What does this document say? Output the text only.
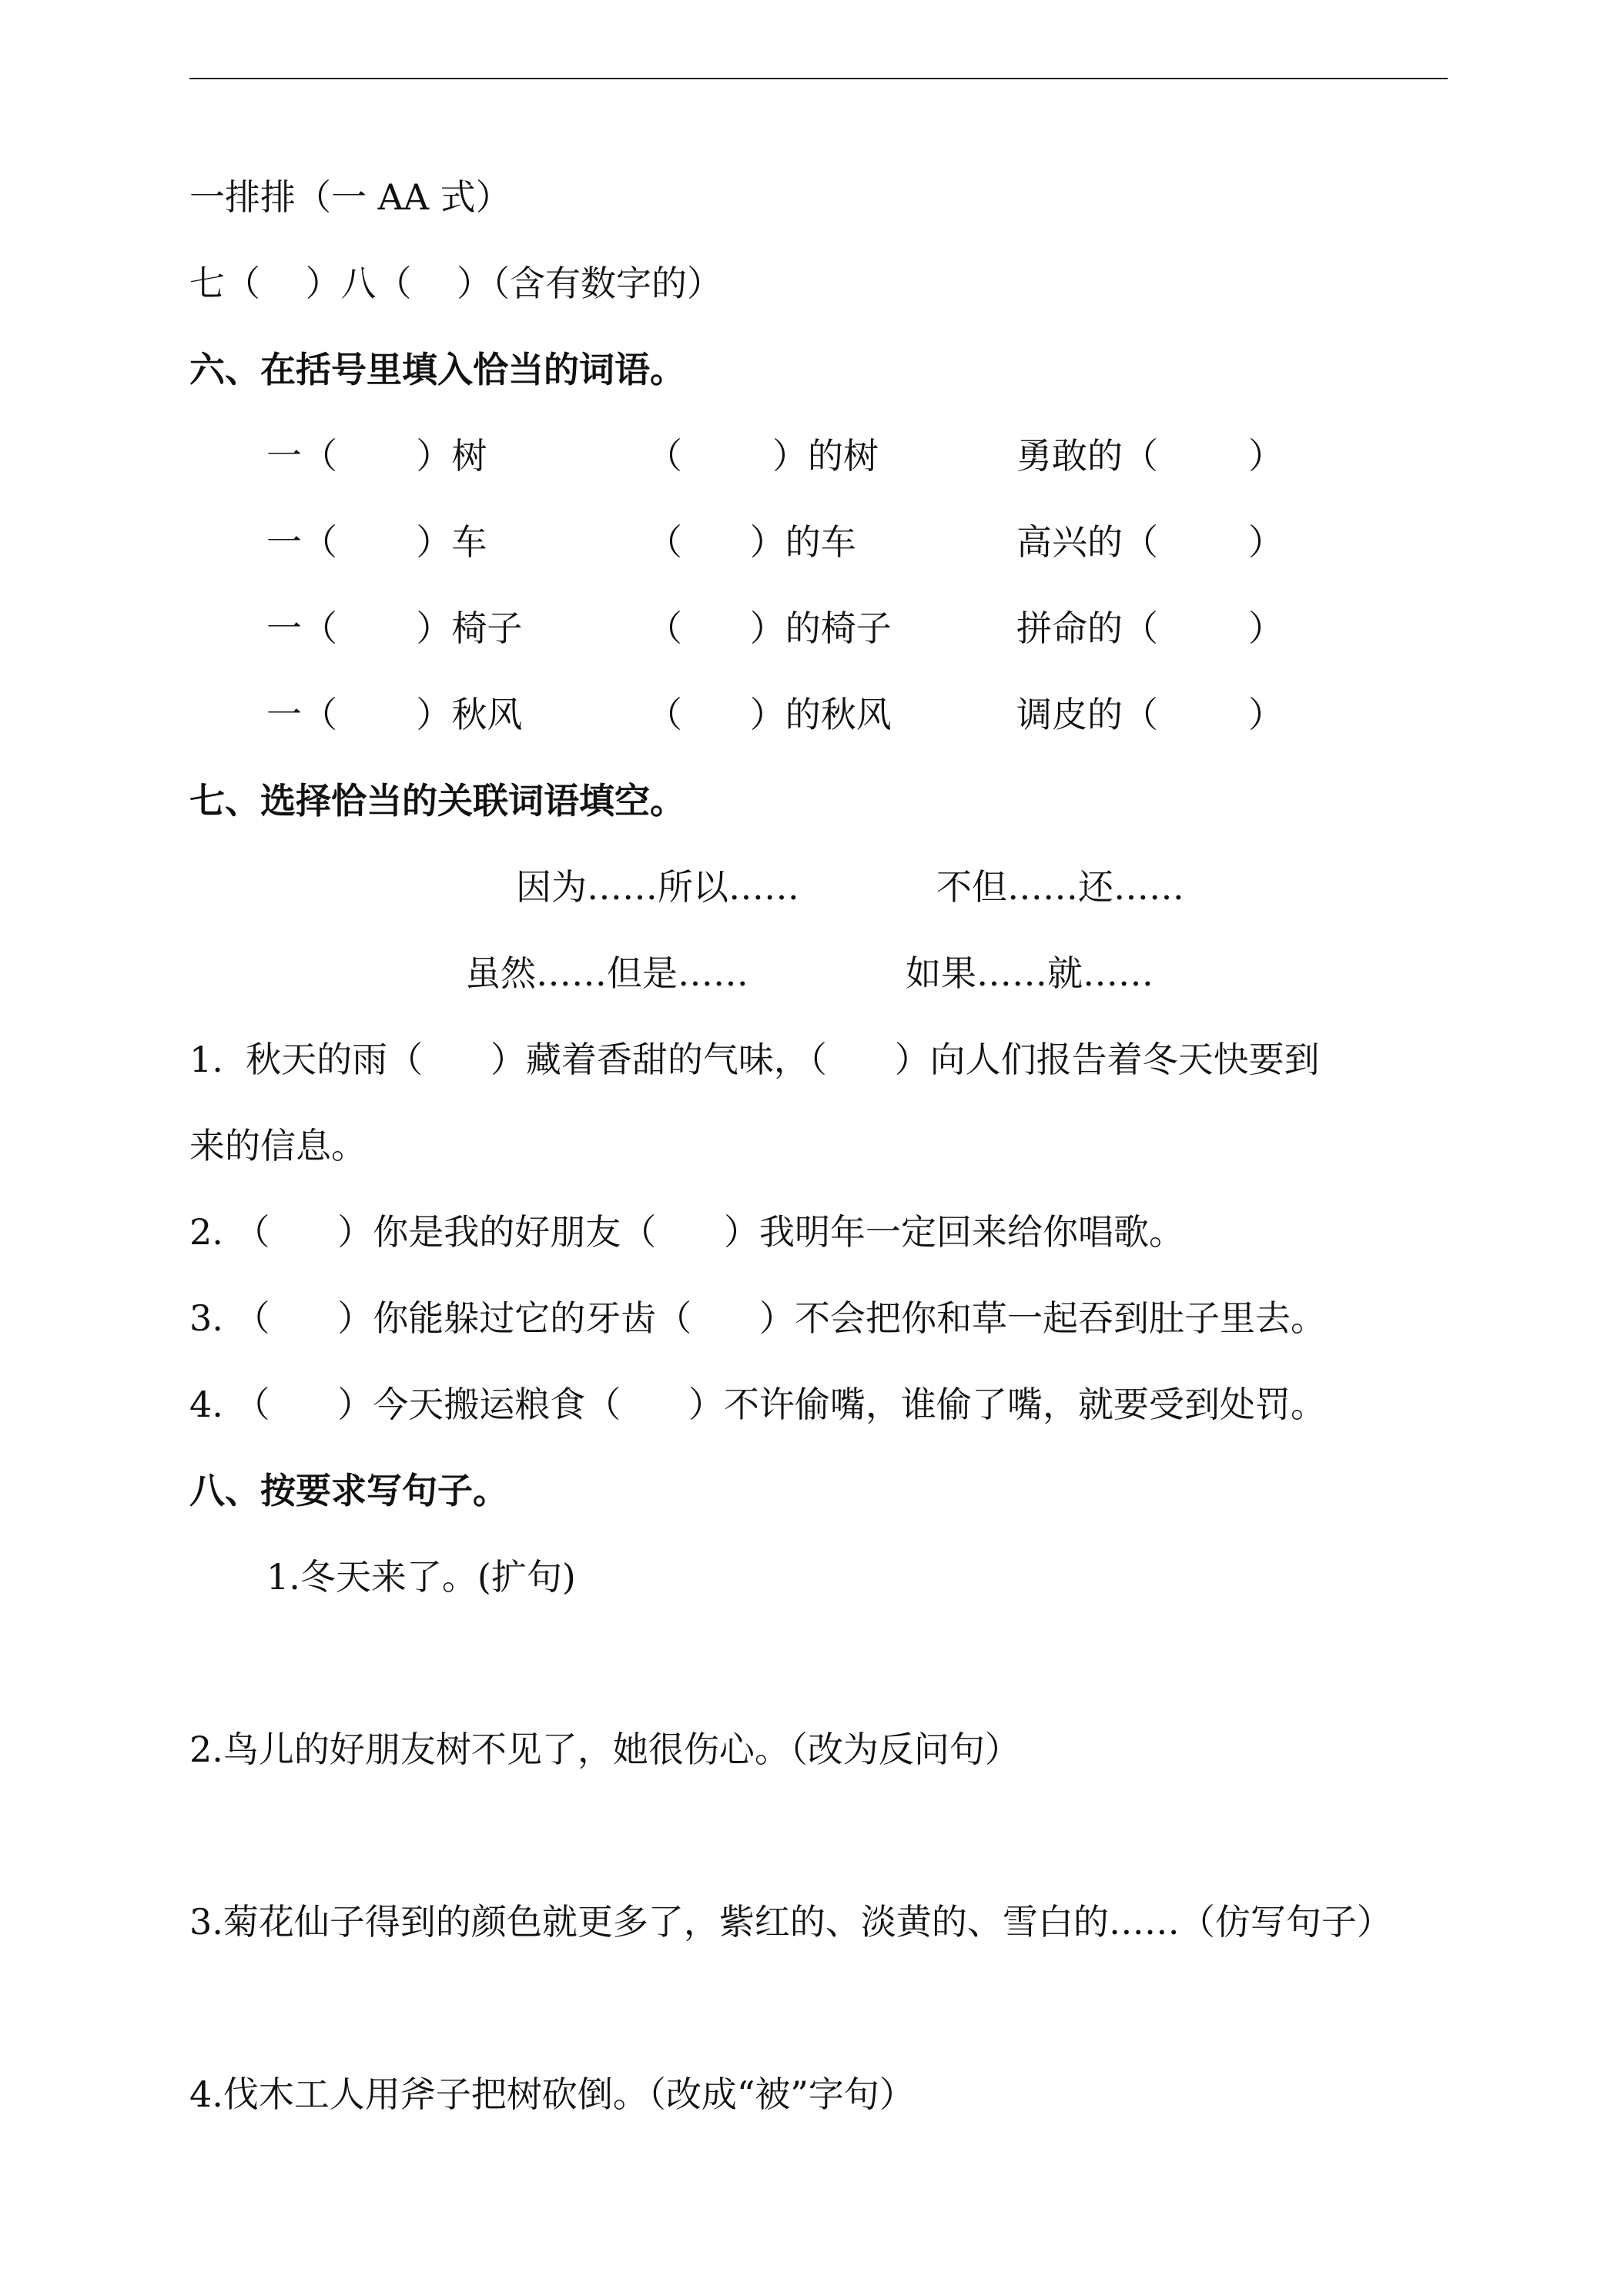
一排排（一 AA 式）
七（    ）八（    ）（含有数字的）
六、在括号里填入恰当的词语。
一（       ）树	（        ）的树	勇敢的（        ）
一（       ）车	（      ）的车	高兴的（        ）
一（       ）椅子	（      ）的椅子	拼命的（        ）
一（       ）秋风	（      ）的秋风	调皮的（        ）
七、选择恰当的关联词语填空。
因为……所以……	不但……还……
虽然……但是……	如果……就……
1.  秋天的雨（      ）藏着香甜的气味，（      ）向人们报告着冬天快要到
来的信息。
2. （      ）你是我的好朋友（      ）我明年一定回来给你唱歌。
3. （      ）你能躲过它的牙齿（      ）不会把你和草一起吞到肚子里去。
4. （      ）今天搬运粮食（      ）不许偷嘴，谁偷了嘴，就要受到处罚。
八、按要求写句子。
1.冬天来了。(扩句)
2.鸟儿的好朋友树不见了，她很伤心。（改为反问句）
3.菊花仙子得到的颜色就更多了，紫红的、淡黄的、雪白的……（仿写句子）
4.伐木工人用斧子把树砍倒。（改成“被”字句）
